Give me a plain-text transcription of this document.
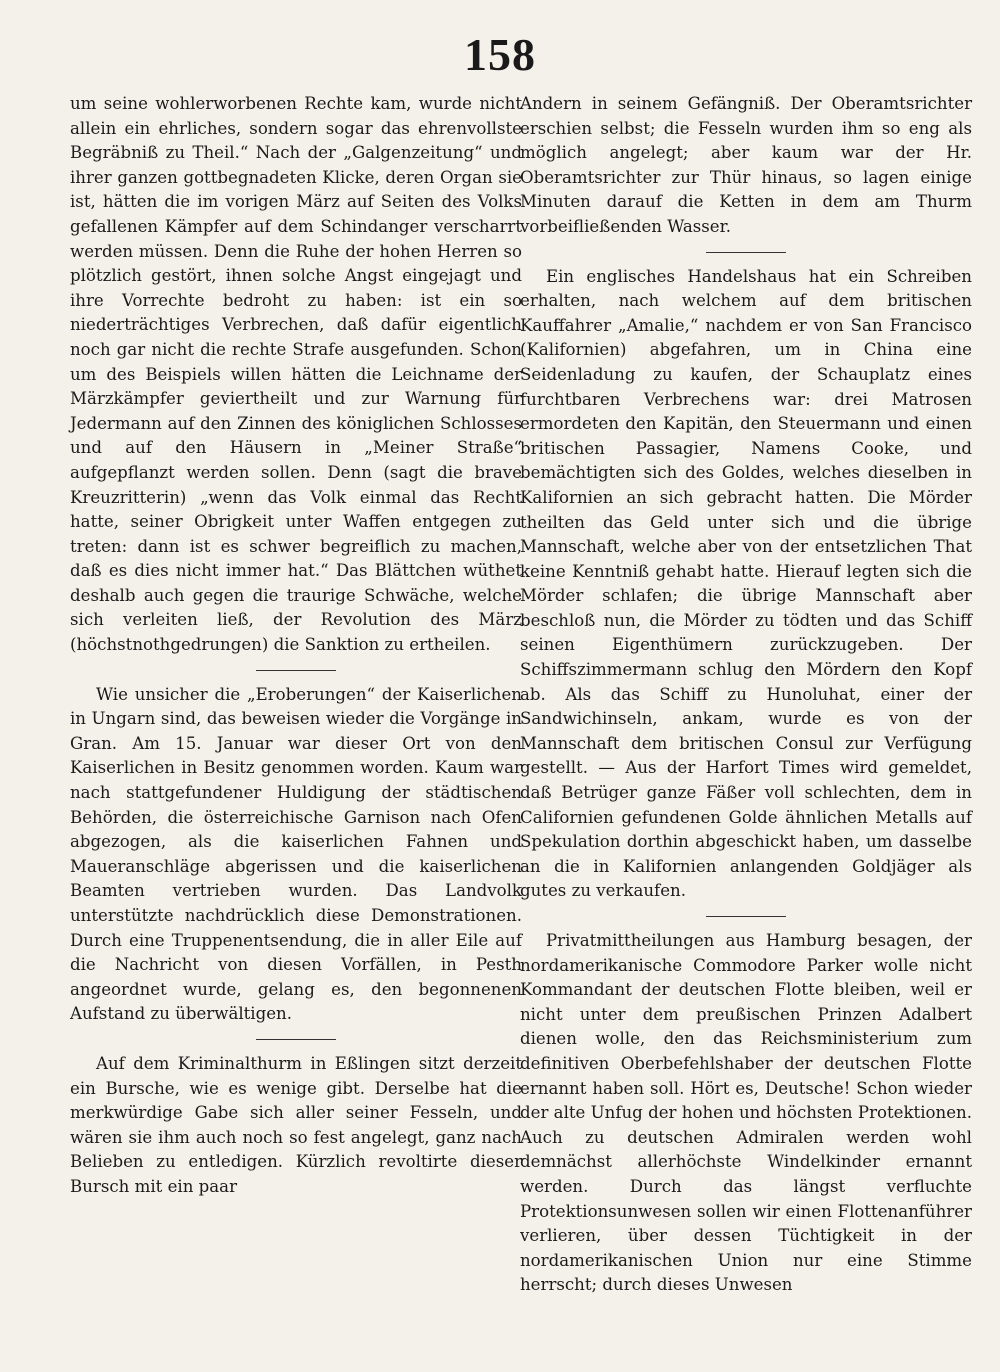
158

um seine wohlerworbenen Rechte kam, wurde nicht allein ein ehrliches, sondern sogar das ehrenvollste Begräbniß zu Theil.“ Nach der „Galgenzeitung“ und ihrer ganzen gottbegnadeten Klicke, deren Organ sie ist, hätten die im vorigen März auf Seiten des Volks gefallenen Kämpfer auf dem Schindanger verscharrt werden müssen. Denn die Ruhe der hohen Herren so plötzlich gestört, ihnen solche Angst eingejagt und ihre Vorrechte bedroht zu haben: ist ein so niederträchtiges Verbrechen, daß dafür eigentlich noch gar nicht die rechte Strafe ausgefunden. Schon um des Beispiels willen hätten die Leichname der Märzkämpfer geviertheilt und zur Warnung für Jedermann auf den Zinnen des königlichen Schlosses und auf den Häusern in „Meiner Straße“ aufgepflanzt werden sollen. Denn (sagt die brave Kreuzritterin) „wenn das Volk einmal das Recht hatte, seiner Obrigkeit unter Waffen entgegen zu treten: dann ist es schwer begreiflich zu machen, daß es dies nicht immer hat.“ Das Blättchen wüthet deshalb auch gegen die traurige Schwäche, welche sich verleiten ließ, der Revolution des März (höchstnothgedrungen) die Sanktion zu ertheilen.

Wie unsicher die „Eroberungen“ der Kaiserlichen in Ungarn sind, das beweisen wieder die Vorgänge in Gran. Am 15. Januar war dieser Ort von den Kaiserlichen in Besitz genommen worden. Kaum war nach stattgefundener Huldigung der städtischen Behörden, die österreichische Garnison nach Ofen abgezogen, als die kaiserlichen Fahnen und Maueranschläge abgerissen und die kaiserlichen Beamten vertrieben wurden. Das Landvolk unterstützte nachdrücklich diese Demonstrationen. Durch eine Truppenentsendung, die in aller Eile auf die Nachricht von diesen Vorfällen, in Pesth angeordnet wurde, gelang es, den begonnenen Aufstand zu überwältigen.

Auf dem Kriminalthurm in Eßlingen sitzt derzeit ein Bursche, wie es wenige gibt. Derselbe hat die merkwürdige Gabe sich aller seiner Fesseln, und wären sie ihm auch noch so fest angelegt, ganz nach Belieben zu entledigen. Kürzlich revoltirte dieser Bursch mit ein paar

Andern in seinem Gefängniß. Der Oberamtsrichter erschien selbst; die Fesseln wurden ihm so eng als möglich angelegt; aber kaum war der Hr. Oberamtsrichter zur Thür hinaus, so lagen einige Minuten darauf die Ketten in dem am Thurm vorbeifließenden Wasser.

Ein englisches Handelshaus hat ein Schreiben erhalten, nach welchem auf dem britischen Kauffahrer „Amalie,“ nachdem er von San Francisco (Kalifornien) abgefahren, um in China eine Seidenladung zu kaufen, der Schauplatz eines furchtbaren Verbrechens war: drei Matrosen ermordeten den Kapitän, den Steuermann und einen britischen Passagier, Namens Cooke, und bemächtigten sich des Goldes, welches dieselben in Kalifornien an sich gebracht hatten. Die Mörder theilten das Geld unter sich und die übrige Mannschaft, welche aber von der entsetzlichen That keine Kenntniß gehabt hatte. Hierauf legten sich die Mörder schlafen; die übrige Mannschaft aber beschloß nun, die Mörder zu tödten und das Schiff seinen Eigenthümern zurückzugeben. Der Schiffszimmermann schlug den Mördern den Kopf ab. Als das Schiff zu Hunoluhat, einer der Sandwichinseln, ankam, wurde es von der Mannschaft dem britischen Consul zur Verfügung gestellt. — Aus der Harfort Times wird gemeldet, daß Betrüger ganze Fäßer voll schlechten, dem in Californien gefundenen Golde ähnlichen Metalls auf Spekulation dorthin abgeschickt haben, um dasselbe an die in Kalifornien anlangenden Goldjäger als gutes zu verkaufen.

Privatmittheilungen aus Hamburg besagen, der nordamerikanische Commodore Parker wolle nicht Kommandant der deutschen Flotte bleiben, weil er nicht unter dem preußischen Prinzen Adalbert dienen wolle, den das Reichsministerium zum definitiven Oberbefehlshaber der deutschen Flotte ernannt haben soll. Hört es, Deutsche! Schon wieder der alte Unfug der hohen und höchsten Protektionen. Auch zu deutschen Admiralen werden wohl demnächst allerhöchste Windelkinder ernannt werden. Durch das längst verfluchte Protektionsunwesen sollen wir einen Flottenanführer verlieren, über dessen Tüchtigkeit in der nordamerikanischen Union nur eine Stimme herrscht; durch dieses Unwesen
